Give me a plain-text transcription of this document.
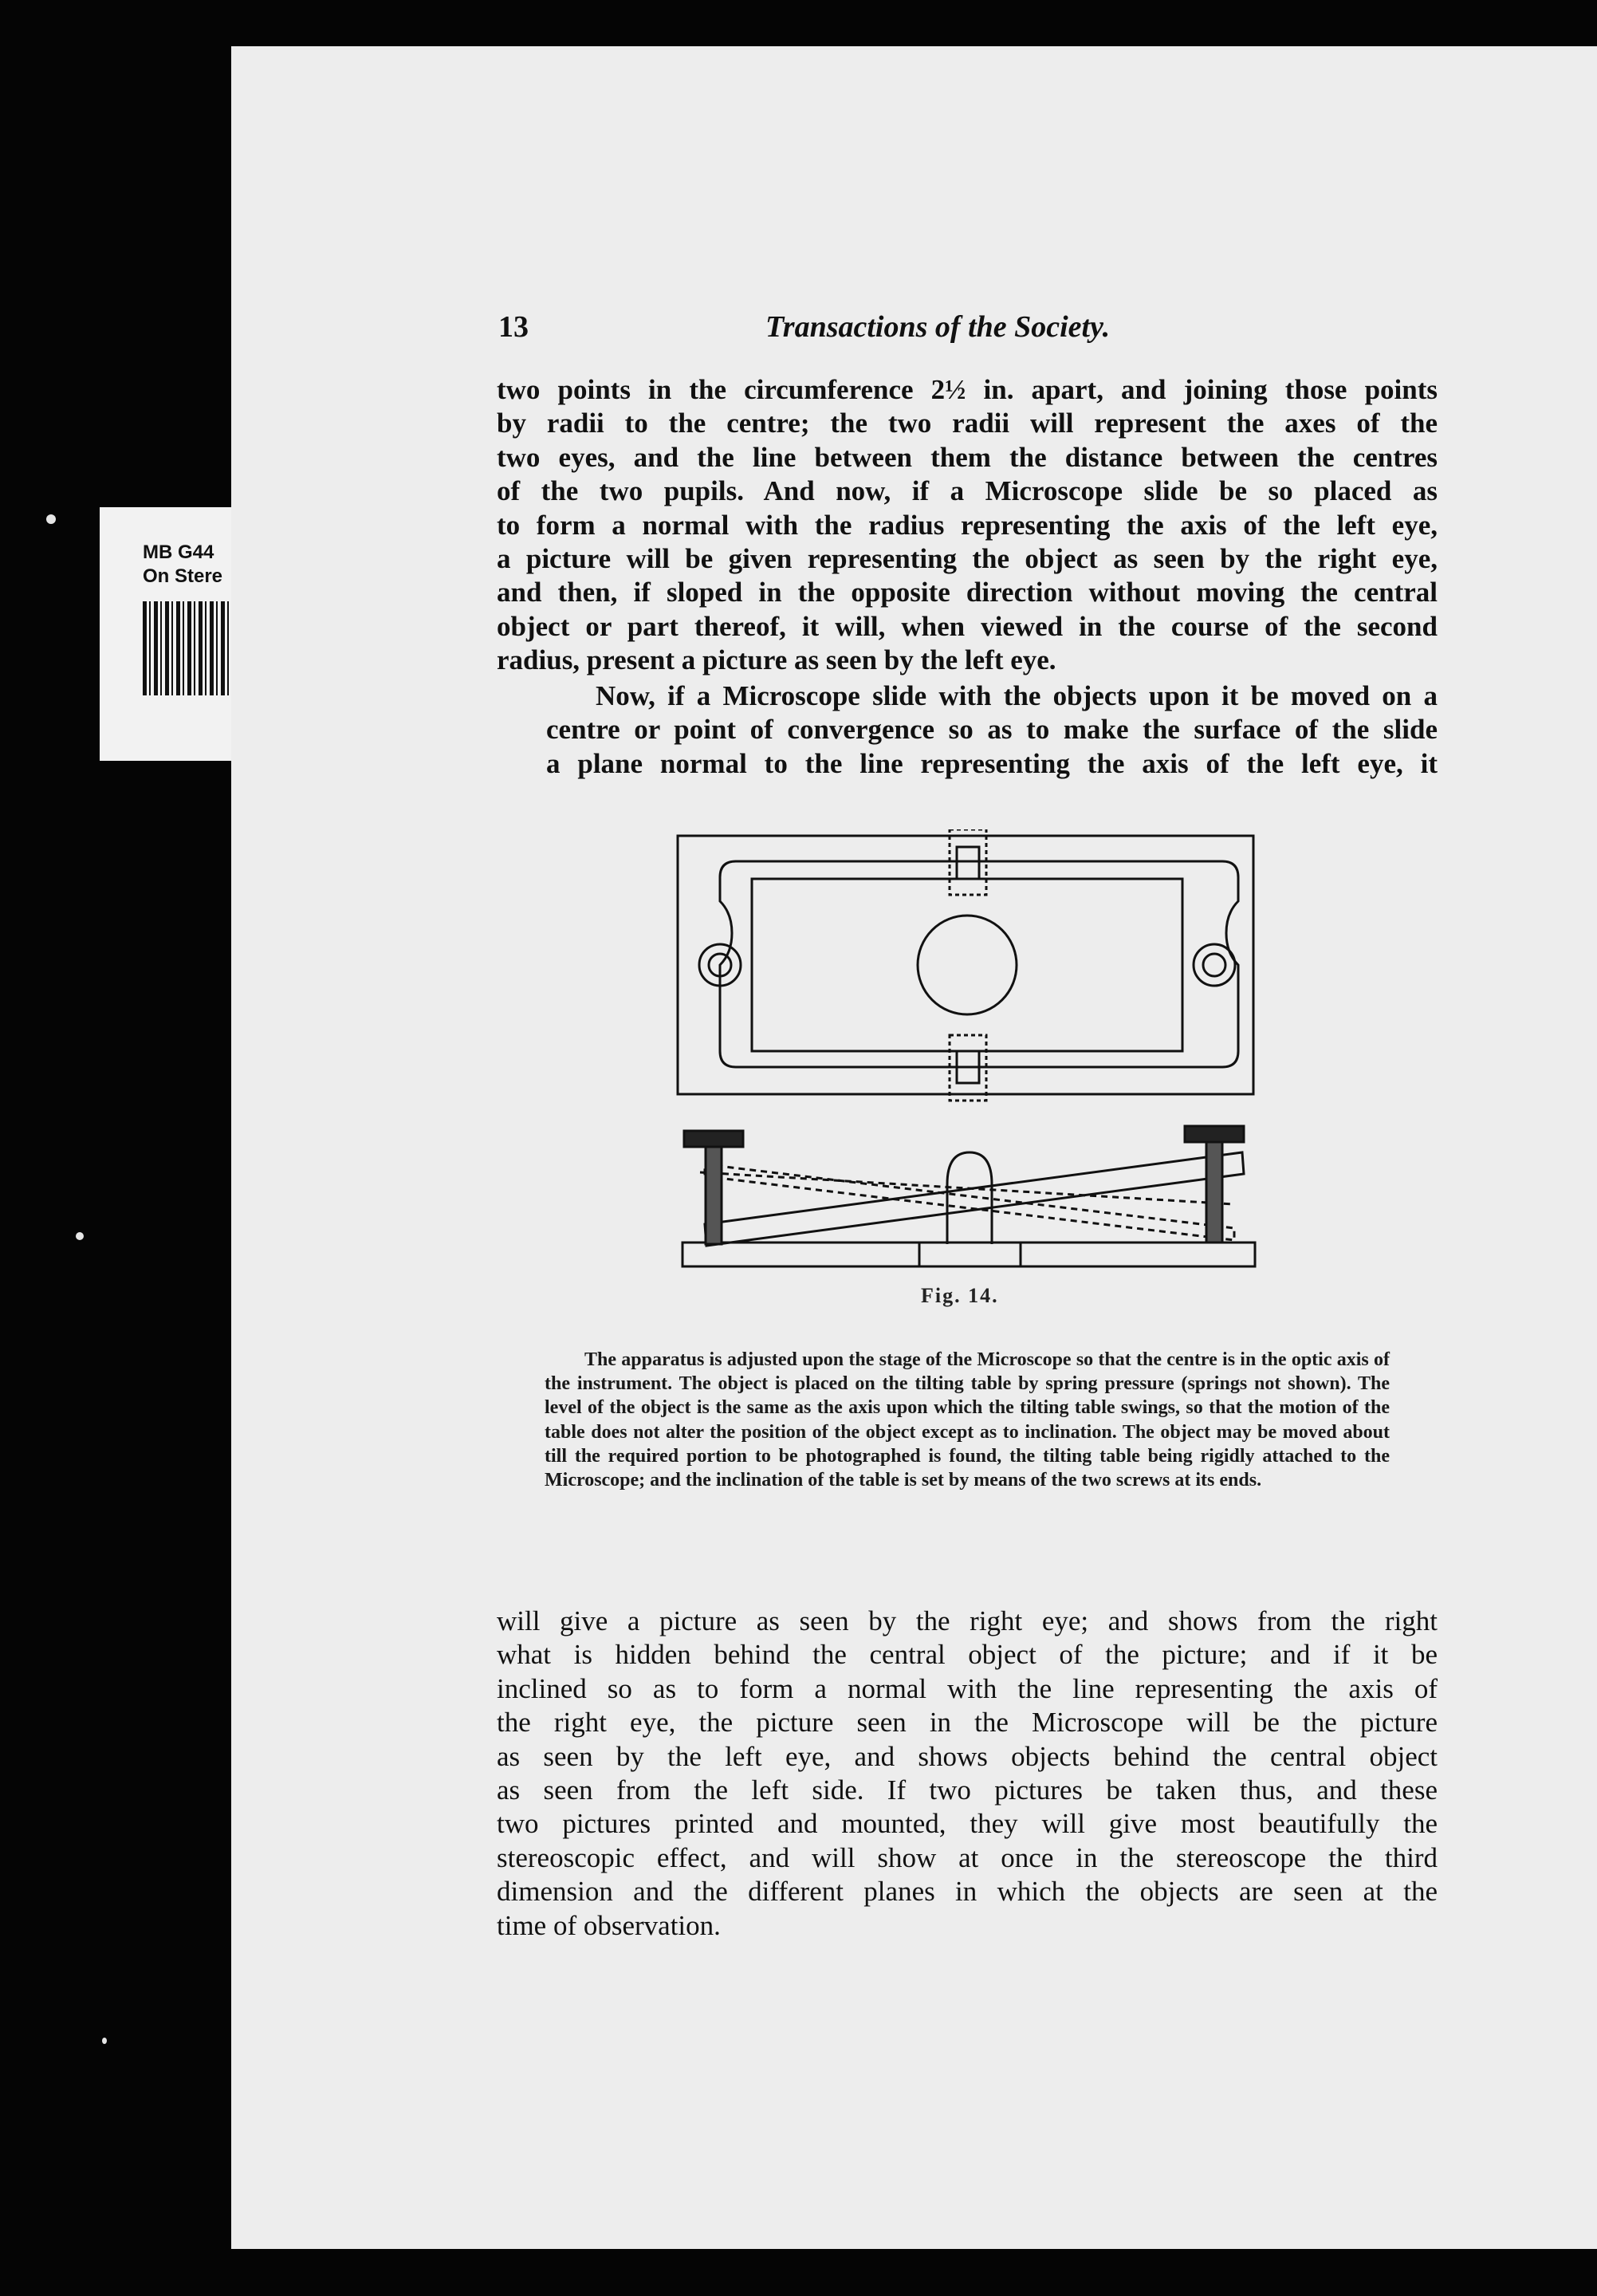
MB G44
On Stere
13	Transactions of the Society.
two points in the circumference 2½ in. apart, and joining those points
by radii to the centre; the two radii will represent the axes of the
two eyes, and the line between them the distance between the centres
of the two pupils. And now, if a Microscope slide be so placed as
to form a normal with the radius representing the axis of the left eye,
a picture will be given representing the object as seen by the right eye,
and then, if sloped in the opposite direction without moving the central
object or part thereof, it will, when viewed in the course of the second
radius, present a picture as seen by the left eye.
Now, if a Microscope slide with the objects upon it be moved on a
centre or point of convergence so as to make the surface of the slide
a plane normal to the line representing the axis of the left eye, it
Fig. 14.

The apparatus is adjusted upon the stage of the Microscope so that the centre is in the optic axis of the instrument. The object is placed on the tilting table by spring pressure (springs not shown). The level of the object is the same as the axis upon which the tilting table swings, so that the motion of the table does not alter the position of the object except as to inclination. The object may be moved about till the required portion to be photographed is found, the tilting table being rigidly attached to the Microscope; and the inclination of the table is set by means of the two screws at its ends.

will give a picture as seen by the right eye; and shows from the right
what is hidden behind the central object of the picture; and if it be
inclined so as to form a normal with the line representing the axis of
the right eye, the picture seen in the Microscope will be the picture
as seen by the left eye, and shows objects behind the central object
as seen from the left side. If two pictures be taken thus, and these
two pictures printed and mounted, they will give most beautifully the
stereoscopic effect, and will show at once in the stereoscope the third
dimension and the different planes in which the objects are seen at the
time of observation.
